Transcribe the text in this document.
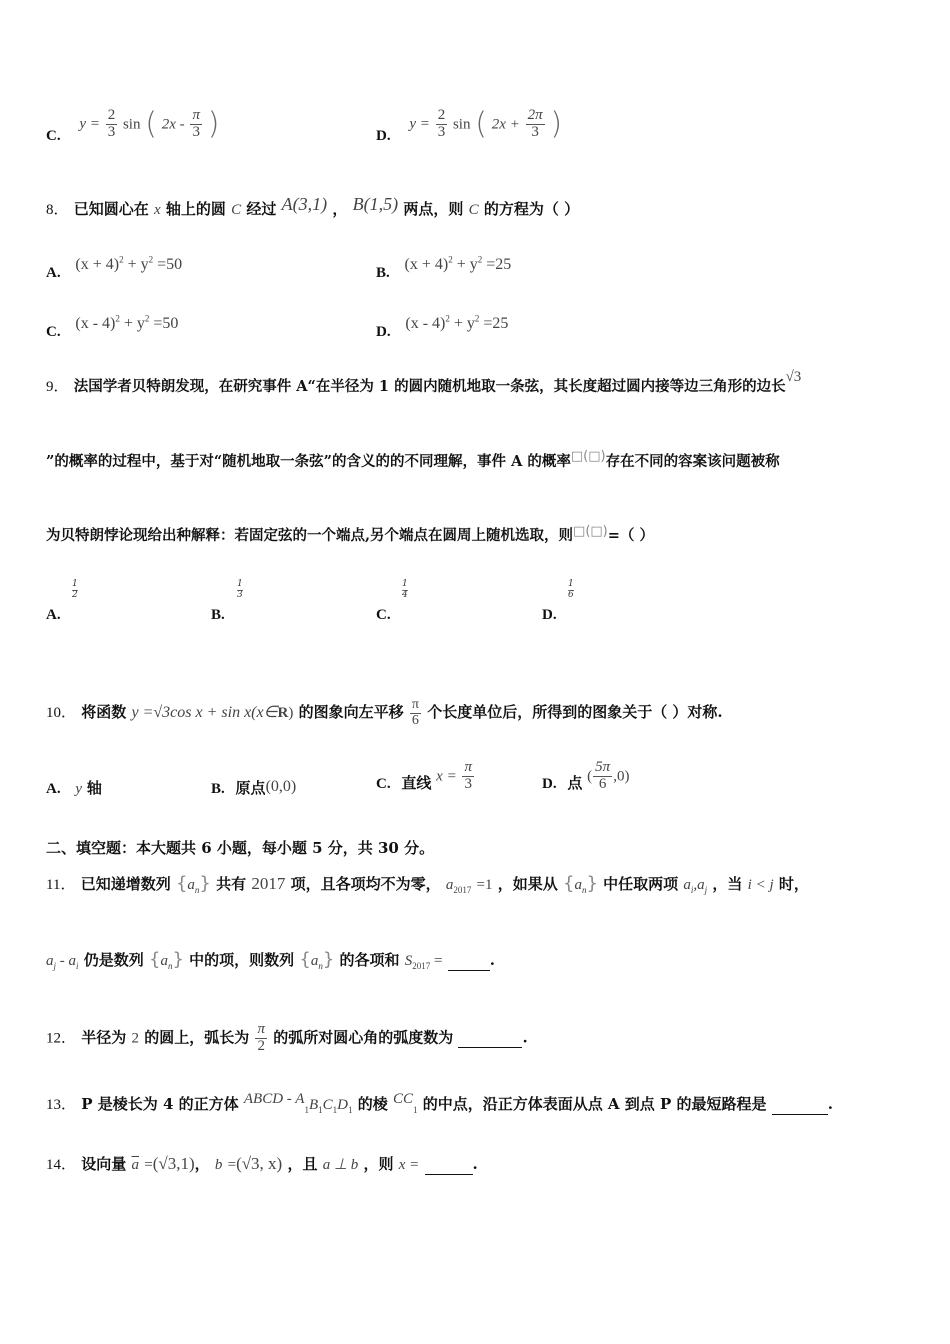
C. $y = \frac{2}{3}$ sin ( $2x - \frac{\pi}{3}$ )	D. $y = \frac{2}{3}$ sin ( $2x + \frac{2\pi}{3}$ )
8． 已知圆心在 x 轴上的圆 C 经过 A(3,1) ， B(1,5) 两点，则 C 的方程为（ ）
A. $(x + 4)^2 + y^2 =50$	B. $(x + 4)^2 + y^2 =25$
C. $(x - 4)^2 + y^2 =50$	D. $(x - 4)^2 + y^2 =25$
9． 法国学者贝特朗发现，在研究事件 A“在半径为 1 的圆内随机地取一条弦，其长度超过圆内接等边三角形的边长√3
”的概率的过程中，基于对“随机地取一条弦”的含义的的不同理解，事件 A 的概率□(□)存在不同的容案该问题被称
为贝特朗悖论现给出种解释：若固定弦的一个端点,另个端点在圆周上随机选取，则□(□)=（ ）
$\frac{1}{2}$
A.
$\frac{1}{3}$
B.
$\frac{1}{4}$
C.
$\frac{1}{6}$
D.
10． 将函数 y =√3cos x + sin x(x∈R) 的图象向左平移 $\frac{\pi}{6}$ 个长度单位后，所得到的图象关于（ ）对称.
A. y 轴	B. 原点(0,0)	C. 直线 $x = \frac{\pi}{3}$	D. 点 ( $\frac{5\pi}{6} ,0$)
二、填空题：本大题共 6 小题，每小题 5 分，共 30 分。
11． 已知递增数列 $\{a_n\}$ 共有 2017 项，且各项均不为零， $a_{2017} =1$ ，如果从 $\{a_n\}$ 中任取两项 $a_i,a_j$ ，当 i < j 时，
$a_j - a_i$ 仍是数列 $\{a_n\}$ 中的项，则数列 $\{a_n\}$ 的各项和 $S_{2017}$ =	.
12． 半径为 2 的圆上，弧长为 $\frac{\pi}{2}$ 的弧所对圆心角的弧度数为	.
13． P 是棱长为 4 的正方体 ABCD - $A_1B_1C_1D_1$ 的棱 $CC_1$ 的中点，沿正方体表面从点 A 到点 P 的最短路程是	.
14． 设向量 $\overline{a} =(√3,1)$， b =(√3, x) ，且 a ⊥ b ，则 x =	.
